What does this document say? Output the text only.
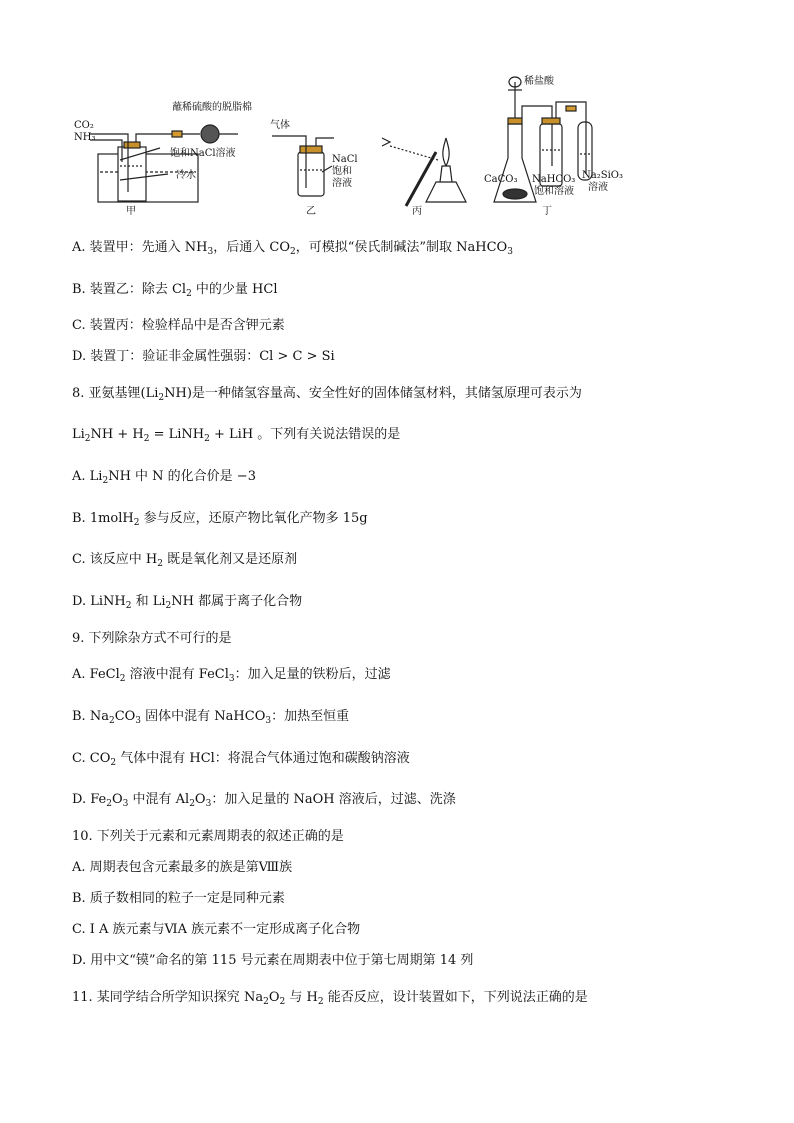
CO₂
NH₃
蘸稀硫酸的脱脂棉
饱和NaCl溶液
冷水
甲
气体
NaCl
饱和
溶液
乙	丙
稀盐酸
CaCO₃ NaHCO₃
饱和溶液
Na₂SiO₃
溶液
丁
A. 装置甲：先通入 $NH_3$，后通入 $CO_2$，可模拟“侯氏制碱法”制取 NaHCO$_3$
B. 装置乙：除去 $Cl_2$ 中的少量 HCl
C. 装置丙：检验样品中是否含钾元素
D. 装置丁：验证非金属性强弱：Cl > C > Si
8. 亚氨基锂$(Li_2NH)$是一种储氢容量高、安全性好的固体储氢材料，其储氢原理可表示为
$Li_2NH + H_2$ = LiNH$_2$ + LiH 。下列有关说法错误的是
A. $Li_2NH$ 中 N 的化合价是 −3
B. 1molH$_2$ 参与反应，还原产物比氧化产物多 15g
C. 该反应中 $H_2$ 既是氧化剂又是还原剂
D. LiNH$_2$ 和 $Li_2NH$ 都属于离子化合物
9. 下列除杂方式不可行的是
A. FeCl$_2$ 溶液中混有 FeCl$_3$：加入足量的铁粉后，过滤
B. $Na_2CO_3$ 固体中混有 NaHCO$_3$：加热至恒重
C. $CO_2$ 气体中混有 HCl：将混合气体通过饱和碳酸钠溶液
D. $Fe_2O_3$ 中混有 $Al_2O_3$：加入足量的 NaOH 溶液后，过滤、洗涤
10. 下列关于元素和元素周期表的叙述正确的是
A. 周期表包含元素最多的族是第Ⅷ族
B. 质子数相同的粒子一定是同种元素
C. I A 族元素与ⅥA 族元素不一定形成离子化合物
D. 用中文“镆”命名的第 115 号元素在周期表中位于第七周期第 14 列
11. 某同学结合所学知识探究 $Na_2O_2$ 与 $H_2$ 能否反应，设计装置如下，下列说法正确的是
